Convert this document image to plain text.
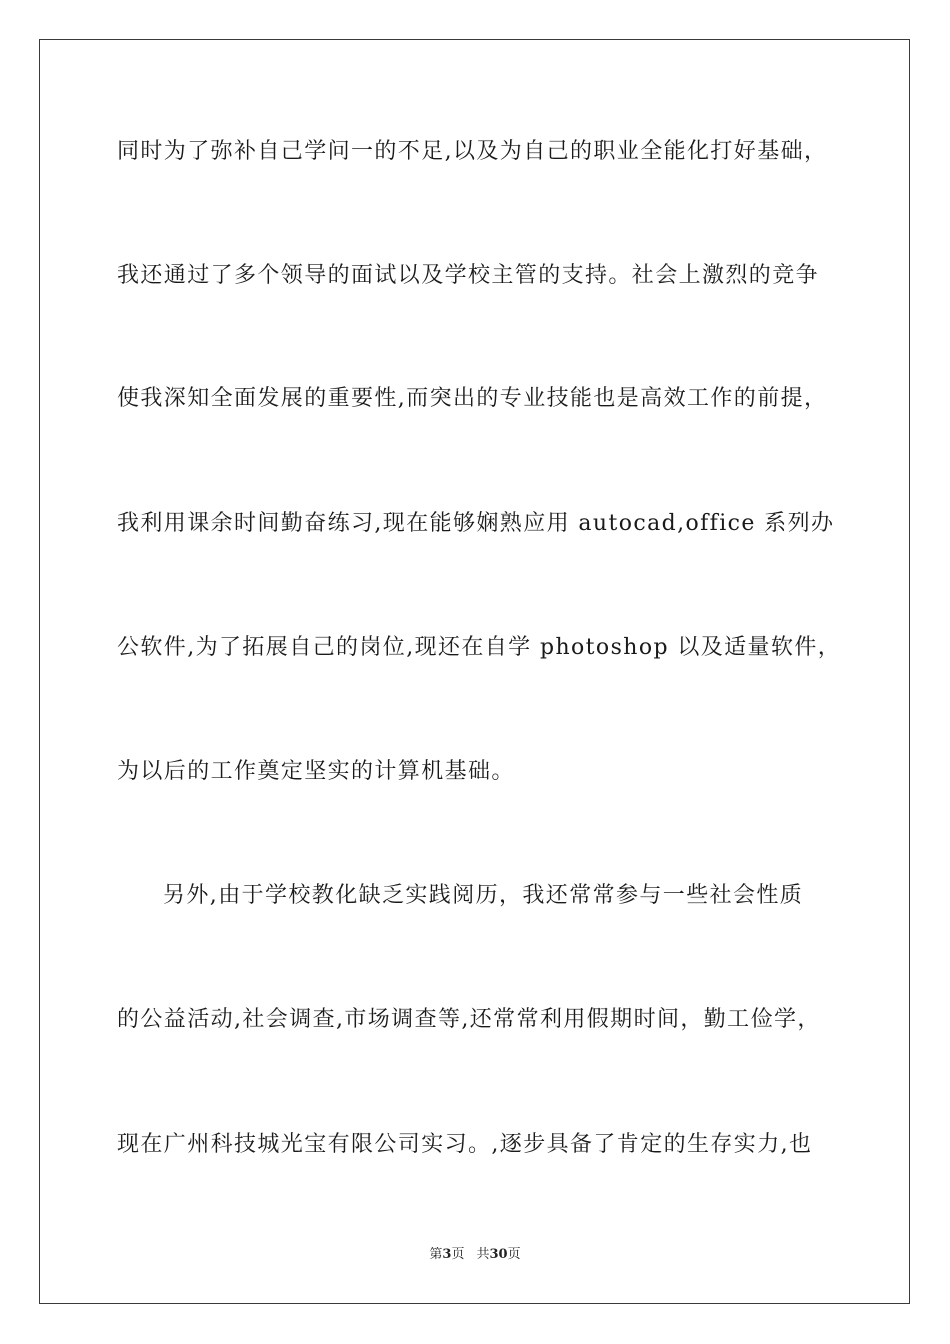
同时为了弥补自己学问一的不足,以及为自己的职业全能化打好基础，
我还通过了多个领导的面试以及学校主管的支持。社会上激烈的竞争
使我深知全面发展的重要性,而突出的专业技能也是高效工作的前提，
我利用课余时间勤奋练习,现在能够娴熟应用 autocad,office 系列办
公软件,为了拓展自己的岗位,现还在自学 photoshop 以及适量软件，
为以后的工作奠定坚实的计算机基础。
另外,由于学校教化缺乏实践阅历，我还常常参与一些社会性质
的公益活动,社会调查,市场调查等,还常常利用假期时间，勤工俭学，
现在广州科技城光宝有限公司实习。,逐步具备了肯定的生存实力,也
第3页 共30页
